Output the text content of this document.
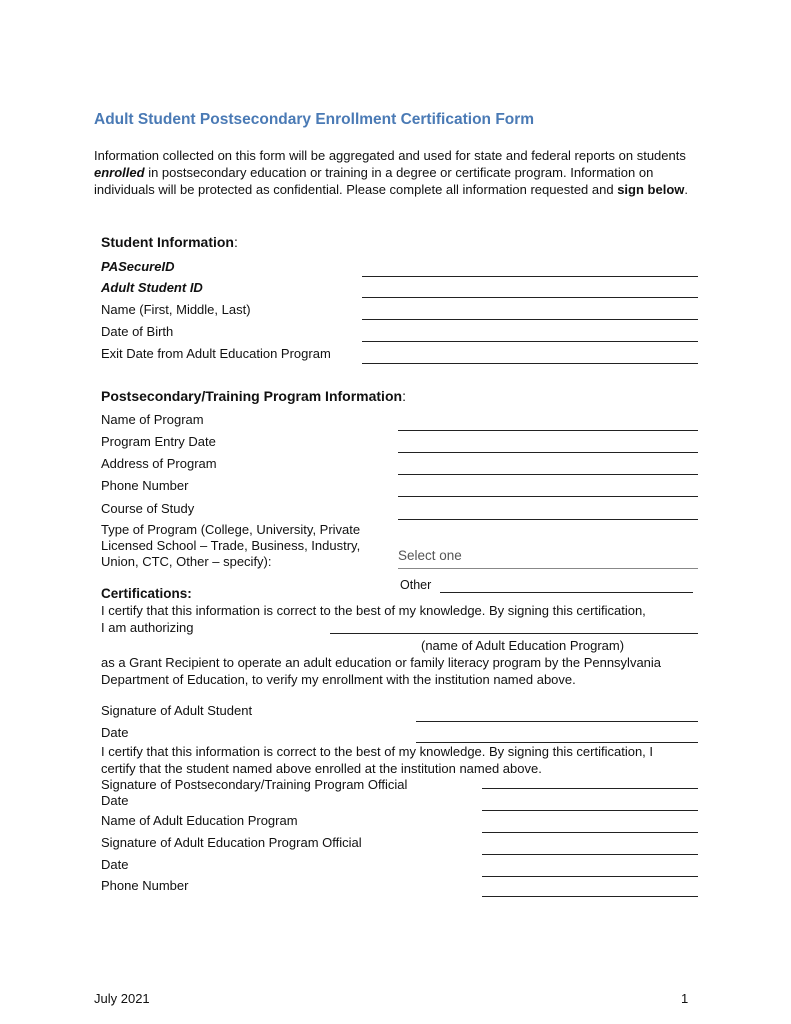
Adult Student Postsecondary Enrollment Certification Form
Information collected on this form will be aggregated and used for state and federal reports on students enrolled in postsecondary education or training in a degree or certificate program. Information on individuals will be protected as confidential. Please complete all information requested and sign below.
Student Information:
PASecureID
Adult Student ID
Name (First, Middle, Last)
Date of Birth
Exit Date from Adult Education Program
Postsecondary/Training Program Information:
Name of Program
Program Entry Date
Address of Program
Phone Number
Course of Study
Type of Program (College, University, Private
Licensed School – Trade, Business, Industry,
Union, CTC, Other – specify):	Select one
Other
Certifications:
I certify that this information is correct to the best of my knowledge. By signing this certification,
I am authorizing
(name of Adult Education Program)
as a Grant Recipient to operate an adult education or family literacy program by the Pennsylvania Department of Education, to verify my enrollment with the institution named above.
Signature of Adult Student
Date
I certify that this information is correct to the best of my knowledge. By signing this certification, I certify that the student named above enrolled at the institution named above.
Signature of Postsecondary/Training Program Official
Date
Name of Adult Education Program
Signature of Adult Education Program Official
Date
Phone Number
July 2021	1
